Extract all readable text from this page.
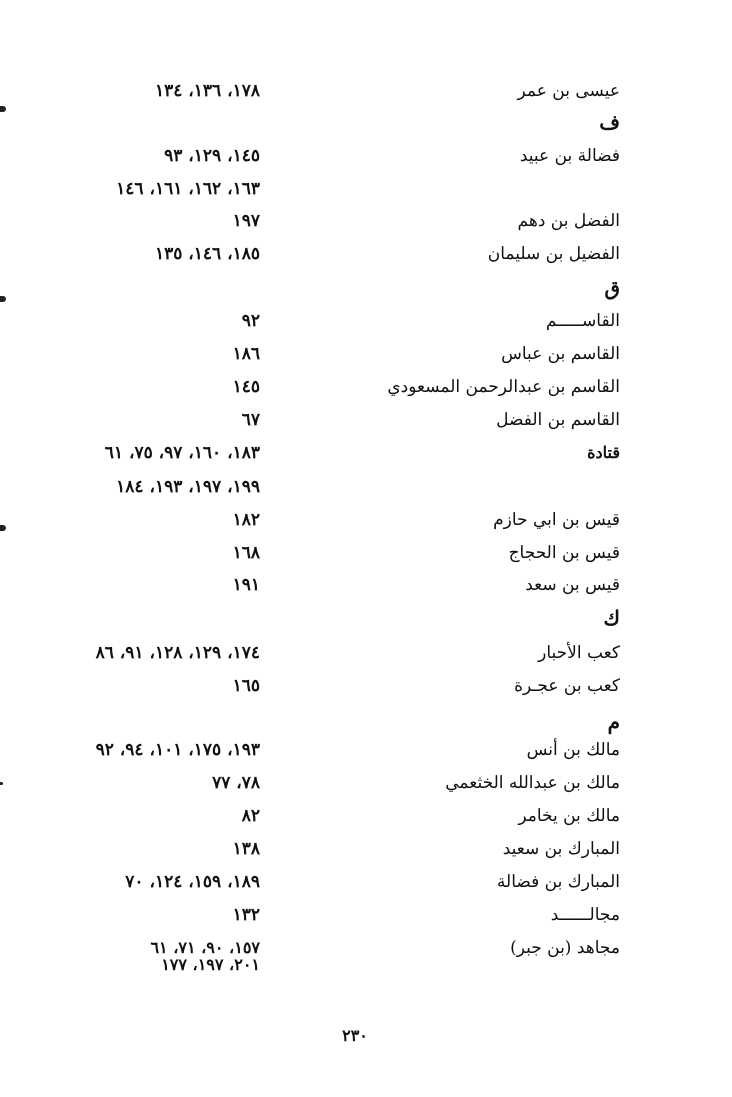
عيسى بن عمر
١٧٨، ١٣٦، ١٣٤
ف
فضالة بن عبيد
١٤٥، ١٢٩، ٩٣
١٦٣، ١٦٢، ١٦١، ١٤٦
الفضل بن دهم
١٩٧
الفضيل بن سليمان
١٨٥، ١٤٦، ١٣٥
ق
القاســـــم
٩٢
القاسم بن عباس
١٨٦
القاسم بن عبدالرحمن المسعودي
١٤٥
القاسم بن الفضل
٦٧
قتادة
١٨٣، ١٦٠، ٩٧، ٧٥، ٦١
١٩٩، ١٩٧، ١٩٣، ١٨٤
قيس بن ابي حازم
١٨٢
قيس بن الحجاج
١٦٨
قيس بن سعد
١٩١
ك
كعب الأحبار
١٧٤، ١٢٩، ١٢٨، ٩١، ٨٦
كعب بن عجـرة
١٦٥
م
مالك بن أنس
١٩٣، ١٧٥، ١٠١، ٩٤، ٩٢
مالك بن عبدالله الخثعمي
٧٨، ٧٧
مالك بن يخامر
٨٢
المبارك بن سعيد
١٣٨
المبارك بن فضالة
١٨٩، ١٥٩، ١٢٤، ٧٠
مجالــــــد
١٣٢
مجاهد (بن جبر)
١٥٧، ٩٠، ٧١، ٦١
٢٠١، ١٩٧، ١٧٧
٢٣٠
